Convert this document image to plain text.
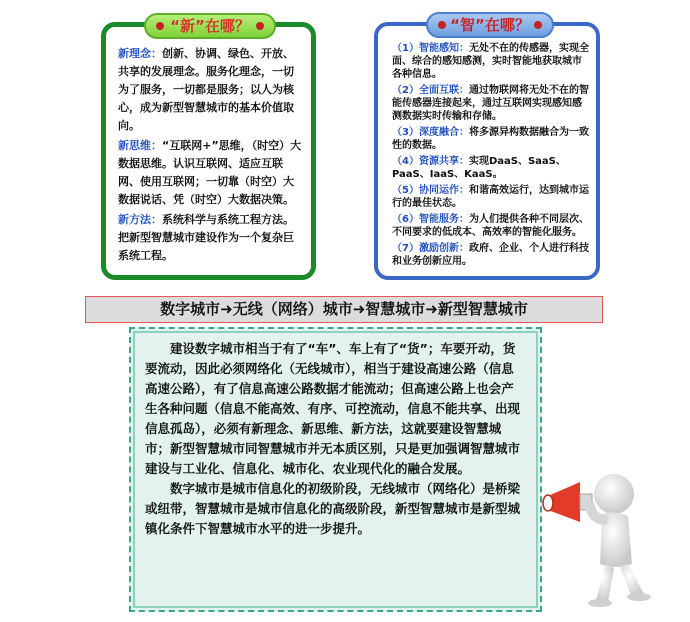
“新”在哪？

新理念：创新、协调、绿色、开放、共享的发展理念。服务化理念，一切为了服务，一切都是服务；以人为核心，成为新型智慧城市的基本价值取向。

新思维：“互联网+”思维，（时空）大数据思维。认识互联网、适应互联网、使用互联网；一切靠（时空）大数据说话、凭（时空）大数据决策。

新方法：系统科学与系统工程方法。把新型智慧城市建设作为一个复杂巨系统工程。

“智”在哪？
（1）智能感知：无处不在的传感器，实现全面、综合的感知感测，实时智能地获取城市各种信息。
（2）全面互联：通过物联网将无处不在的智能传感器连接起来，通过互联网实现感知感测数据实时传输和存储。
（3）深度融合：将多源异构数据融合为一致性的数据。
（4）资源共享：实现DaaS、SaaS、PaaS、IaaS、KaaS。
（5）协同运作：和谐高效运行，达到城市运行的最佳状态。
（6）智能服务：为人们提供各种不同层次、不同要求的低成本、高效率的智能化服务。
（7）激励创新：政府、企业、个人进行科技和业务创新应用。
数字城市➜无线（网络）城市➜智慧城市➜新型智慧城市

建设数字城市相当于有了“车”、车上有了“货”；车要开动，货要流动，因此必须网络化（无线城市），相当于建设高速公路（信息高速公路），有了信息高速公路数据才能流动；但高速公路上也会产生各种问题（信息不能高效、有序、可控流动，信息不能共享、出现信息孤岛），必须有新理念、新思维、新方法，这就要建设智慧城市；新型智慧城市同智慧城市并无本质区别，只是更加强调智慧城市建设与工业化、信息化、城市化、农业现代化的融合发展。

数字城市是城市信息化的初级阶段，无线城市（网络化）是桥梁或纽带，智慧城市是城市信息化的高级阶段，新型智慧城市是新型城镇化条件下智慧城市水平的进一步提升。
